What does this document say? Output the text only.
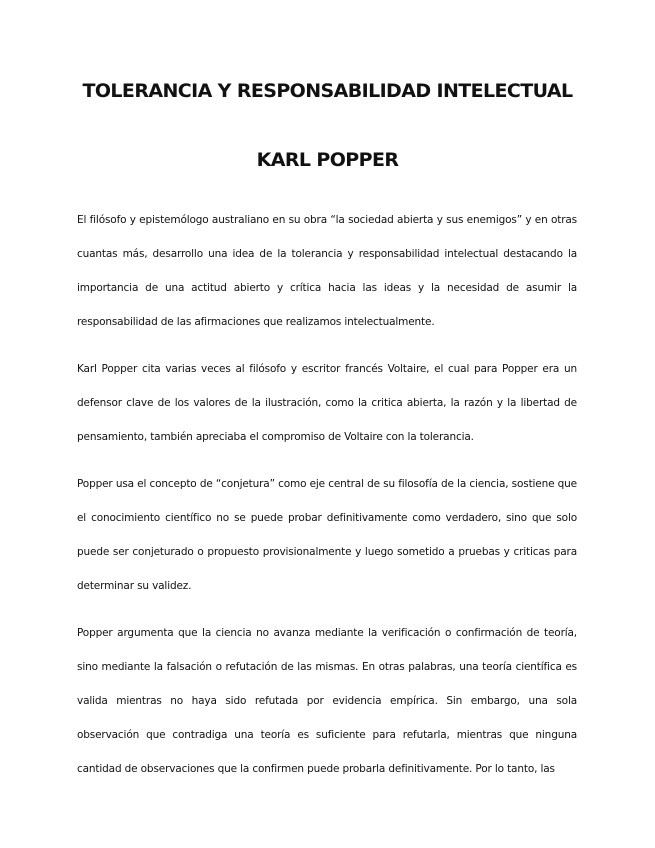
TOLERANCIA Y RESPONSABILIDAD INTELECTUAL
KARL POPPER

El filósofo y epistemólogo australiano en su obra “la sociedad abierta y sus enemigos” y en otras cuantas más, desarrollo una idea de la tolerancia y responsabilidad intelectual destacando la importancia de una actitud abierto y crítica hacia las ideas y la necesidad de asumir la responsabilidad de las afirmaciones que realizamos intelectualmente.

Karl Popper cita varias veces al filósofo y escritor francés Voltaire, el cual para Popper era un defensor clave de los valores de la ilustración, como la critica abierta, la razón y la libertad de pensamiento, también apreciaba el compromiso de Voltaire con la tolerancia.

Popper usa el concepto de “conjetura” como eje central de su filosofía de la ciencia, sostiene que el conocimiento científico no se puede probar definitivamente como verdadero, sino que solo puede ser conjeturado o propuesto provisionalmente y luego sometido a pruebas y criticas para determinar su validez.

Popper argumenta que la ciencia no avanza mediante la verificación o confirmación de teoría, sino mediante la falsación o refutación de las mismas. En otras palabras, una teoría científica es valida mientras no haya sido refutada por evidencia empírica. Sin embargo, una sola observación que contradiga una teoría es suficiente para refutarla, mientras que ninguna cantidad de observaciones que la confirmen puede probarla definitivamente. Por lo tanto, las
